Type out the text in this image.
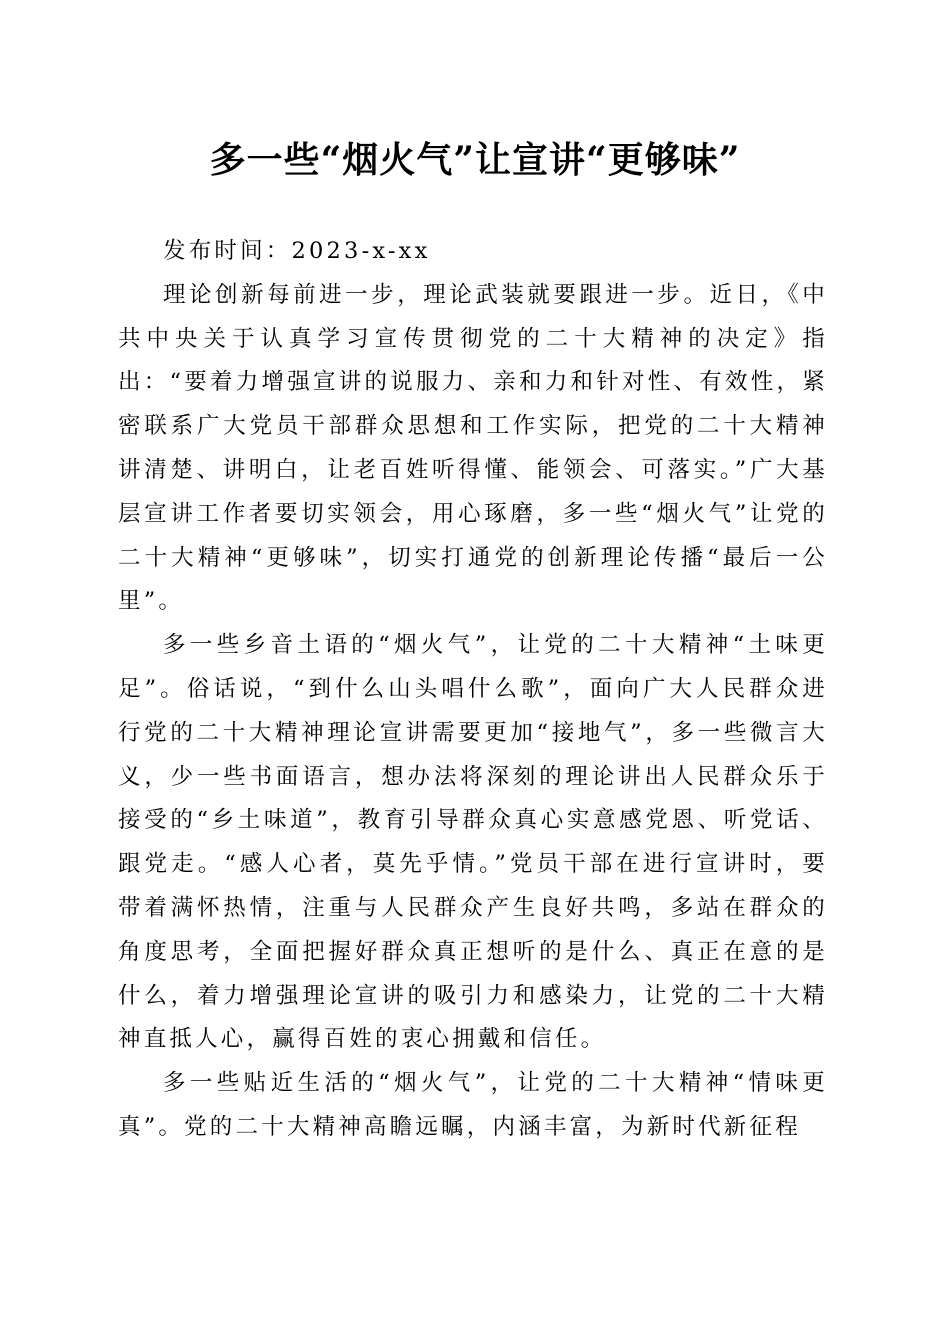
多一些“烟火气”让宣讲“更够味”
发布时间：2023-x-xx

理论创新每前进一步，理论武装就要跟进一步。近日，《中共中央关于认真学习宣传贯彻党的二十大精神的决定》指出：“要着力增强宣讲的说服力、亲和力和针对性、有效性，紧密联系广大党员干部群众思想和工作实际，把党的二十大精神讲清楚、讲明白，让老百姓听得懂、能领会、可落实。”广大基层宣讲工作者要切实领会，用心琢磨，多一些“烟火气”让党的二十大精神“更够味”，切实打通党的创新理论传播“最后一公里”。

多一些乡音土语的“烟火气”，让党的二十大精神“土味更足”。俗话说，“到什么山头唱什么歌”，面向广大人民群众进行党的二十大精神理论宣讲需要更加“接地气”，多一些微言大义，少一些书面语言，想办法将深刻的理论讲出人民群众乐于接受的“乡土味道”，教育引导群众真心实意感党恩、听党话、跟党走。“感人心者，莫先乎情。”党员干部在进行宣讲时，要带着满怀热情，注重与人民群众产生良好共鸣，多站在群众的角度思考，全面把握好群众真正想听的是什么、真正在意的是什么，着力增强理论宣讲的吸引力和感染力，让党的二十大精神直抵人心，赢得百姓的衷心拥戴和信任。

多一些贴近生活的“烟火气”，让党的二十大精神“情味更真”。党的二十大精神高瞻远瞩，内涵丰富，为新时代新征程
